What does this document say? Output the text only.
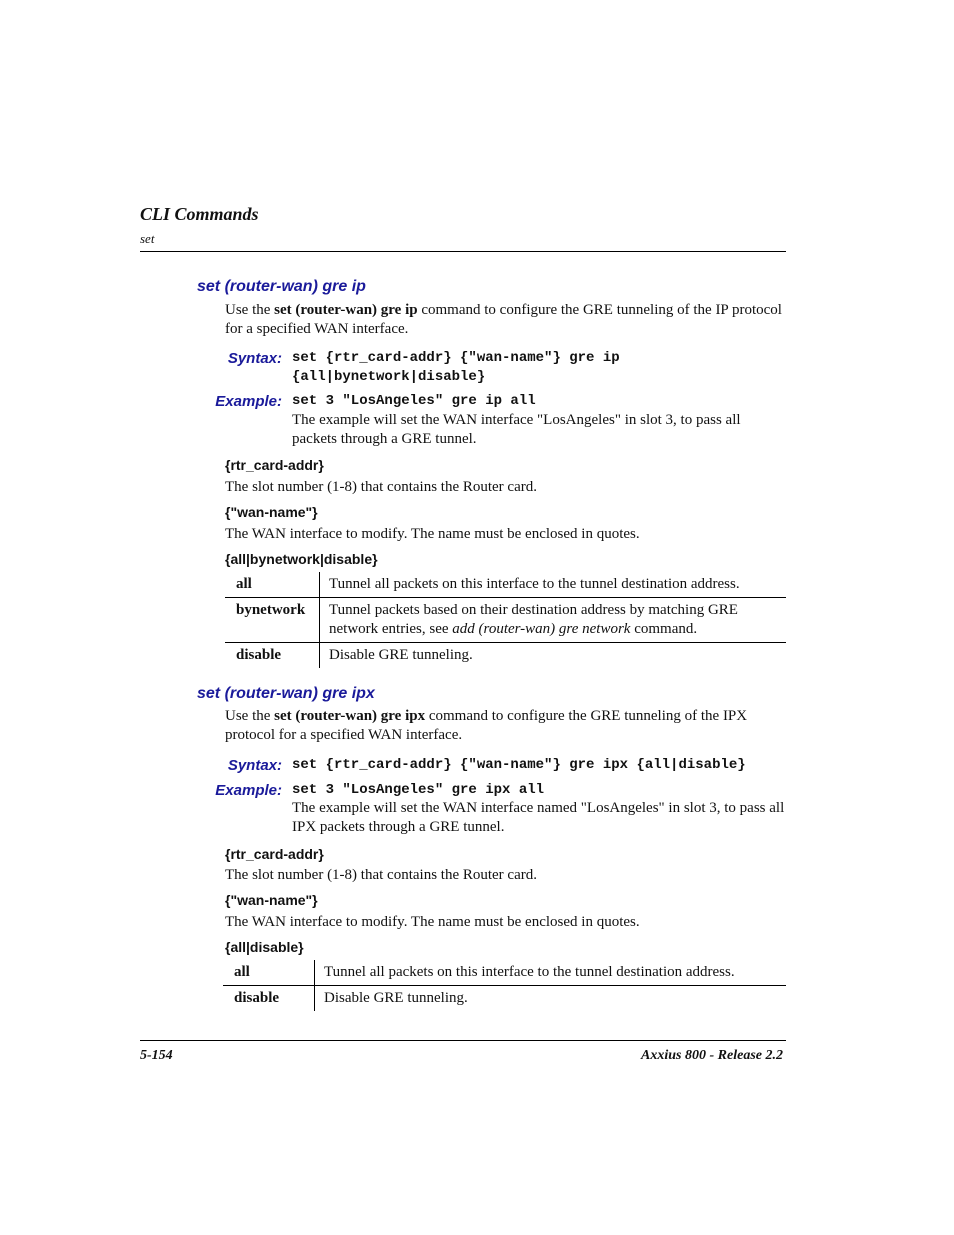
CLI Commands
set
set (router-wan) gre ip
Use the set (router-wan) gre ip command to configure the GRE tunneling of the IP protocol for a specified WAN interface.
Syntax: set {rtr_card-addr} {"wan-name"} gre ip
{all|bynetwork|disable}
Example: set 3 "LosAngeles" gre ip all
The example will set the WAN interface "LosAngeles" in slot 3, to pass all packets through a GRE tunnel.
{rtr_card-addr}
The slot number (1-8) that contains the Router card.
{"wan-name"}
The WAN interface to modify. The name must be enclosed in quotes.
{all|bynetwork|disable}
all	Tunnel all packets on this interface to the tunnel destination address.
bynetwork	Tunnel packets based on their destination address by matching GRE network entries, see add (router-wan) gre network command.
disable	Disable GRE tunneling.
set (router-wan) gre ipx
Use the set (router-wan) gre ipx command to configure the GRE tunneling of the IPX protocol for a specified WAN interface.
Syntax: set {rtr_card-addr} {"wan-name"} gre ipx {all|disable}
Example: set 3 "LosAngeles" gre ipx all
The example will set the WAN interface named "LosAngeles" in slot 3, to pass all IPX packets through a GRE tunnel.
{rtr_card-addr}
The slot number (1-8) that contains the Router card.
{"wan-name"}
The WAN interface to modify. The name must be enclosed in quotes.
{all|disable}
all	Tunnel all packets on this interface to the tunnel destination address.
disable	Disable GRE tunneling.
5-154	Axxius 800 - Release 2.2
